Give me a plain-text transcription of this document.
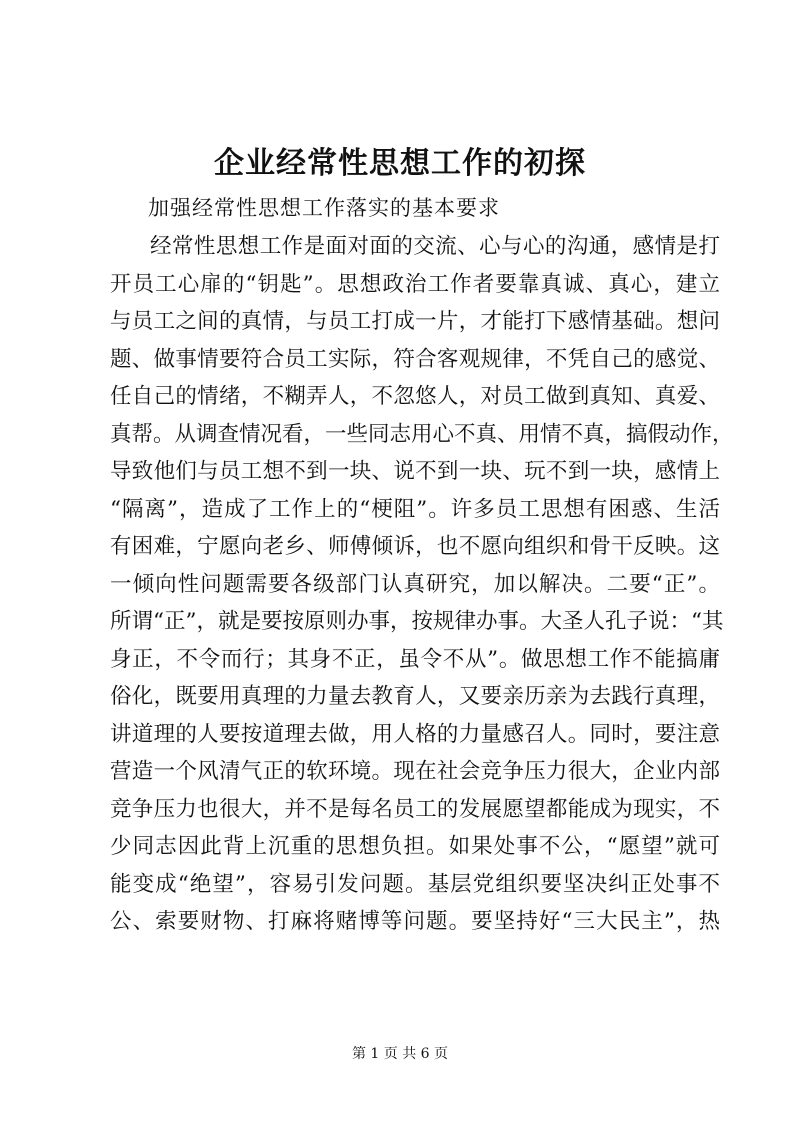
企业经常性思想工作的初探
加强经常性思想工作落实的基本要求
经常性思想工作是面对面的交流、心与心的沟通，感情是打
开员工心扉的“钥匙”。思想政治工作者要靠真诚、真心，建立
与员工之间的真情，与员工打成一片，才能打下感情基础。想问
题、做事情要符合员工实际，符合客观规律，不凭自己的感觉、
任自己的情绪，不糊弄人，不忽悠人，对员工做到真知、真爱、
真帮。从调查情况看，一些同志用心不真、用情不真，搞假动作，
导致他们与员工想不到一块、说不到一块、玩不到一块，感情上
“隔离”，造成了工作上的“梗阻”。许多员工思想有困惑、生活
有困难，宁愿向老乡、师傅倾诉，也不愿向组织和骨干反映。这
一倾向性问题需要各级部门认真研究，加以解决。二要“正”。
所谓“正”，就是要按原则办事，按规律办事。大圣人孔子说：“其
身正，不令而行；其身不正，虽令不从”。做思想工作不能搞庸
俗化，既要用真理的力量去教育人，又要亲历亲为去践行真理，
讲道理的人要按道理去做，用人格的力量感召人。同时，要注意
营造一个风清气正的软环境。现在社会竞争压力很大，企业内部
竞争压力也很大，并不是每名员工的发展愿望都能成为现实，不
少同志因此背上沉重的思想负担。如果处事不公，“愿望”就可
能变成“绝望”，容易引发问题。基层党组织要坚决纠正处事不
公、索要财物、打麻将赌博等问题。要坚持好“三大民主”，热
第 1 页 共 6 页
